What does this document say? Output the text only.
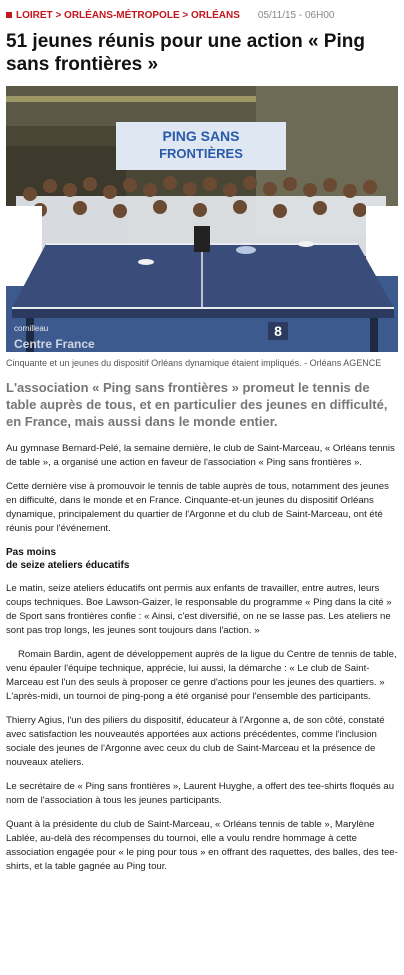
LOIRET > ORLÉANS-MÉTROPOLE > ORLÉANS 05/11/15 - 06H00
51 jeunes réunis pour une action « Ping sans frontières »
PING SANS
FRONTIÈRES
cornilleau	8
Centre France
Cinquante et un jeunes du dispositif Orléans dynamique étaient impliqués. - Orléans AGENCE
L'association « Ping sans frontières » promeut le tennis de table auprès de tous, et en particulier des jeunes en difficulté, en France, mais aussi dans le monde entier.

Au gymnase Bernard-Pelé, la semaine dernière, le club de Saint-Marceau, « Orléans tennis de table », a organisé une action en faveur de l'association « Ping sans frontières ».

Cette dernière vise à promouvoir le tennis de table auprès de tous, notamment des jeunes en difficulté, dans le monde et en France. Cinquante-et-un jeunes du dispositif Orléans dynamique, principalement du quartier de l'Argonne et du club de Saint-Marceau, ont été réunis pour l'événement.

Pas moins
de seize ateliers éducatifs

Le matin, seize ateliers éducatifs ont permis aux enfants de travailler, entre autres, leurs coups techniques. Boe Lawson-Gaizer, le responsable du programme « Ping dans la cité » de Sport sans frontières confie : « Ainsi, c'est diversifié, on ne se lasse pas. Les ateliers ne sont pas trop longs, les jeunes sont toujours dans l'action. »

Romain Bardin, agent de développement auprès de la ligue du Centre de tennis de table, venu épauler l'équipe technique, apprécie, lui aussi, la démarche : « Le club de Saint-Marceau est l'un des seuls à proposer ce genre d'actions pour les jeunes des quartiers. » L'après-midi, un tournoi de ping-pong a été organisé pour l'ensemble des participants.

Thierry Agius, l'un des piliers du dispositif, éducateur à l'Argonne a, de son côté, constaté avec satisfaction les nouveautés apportées aux actions précédentes, comme l'inclusion sociale des jeunes de l'Argonne avec ceux du club de Saint-Marceau et la présence de nouveaux ateliers.

Le secrétaire de « Ping sans frontières », Laurent Huyghe, a offert des tee-shirts floqués au nom de l'association à tous les jeunes participants.

Quant à la présidente du club de Saint-Marceau, « Orléans tennis de table », Marylène Lablée, au-delà des récompenses du tournoi, elle a voulu rendre hommage à cette association engagée pour « le ping pour tous » en offrant des raquettes, des balles, des tee-shirts, et la table gagnée au Ping tour.
